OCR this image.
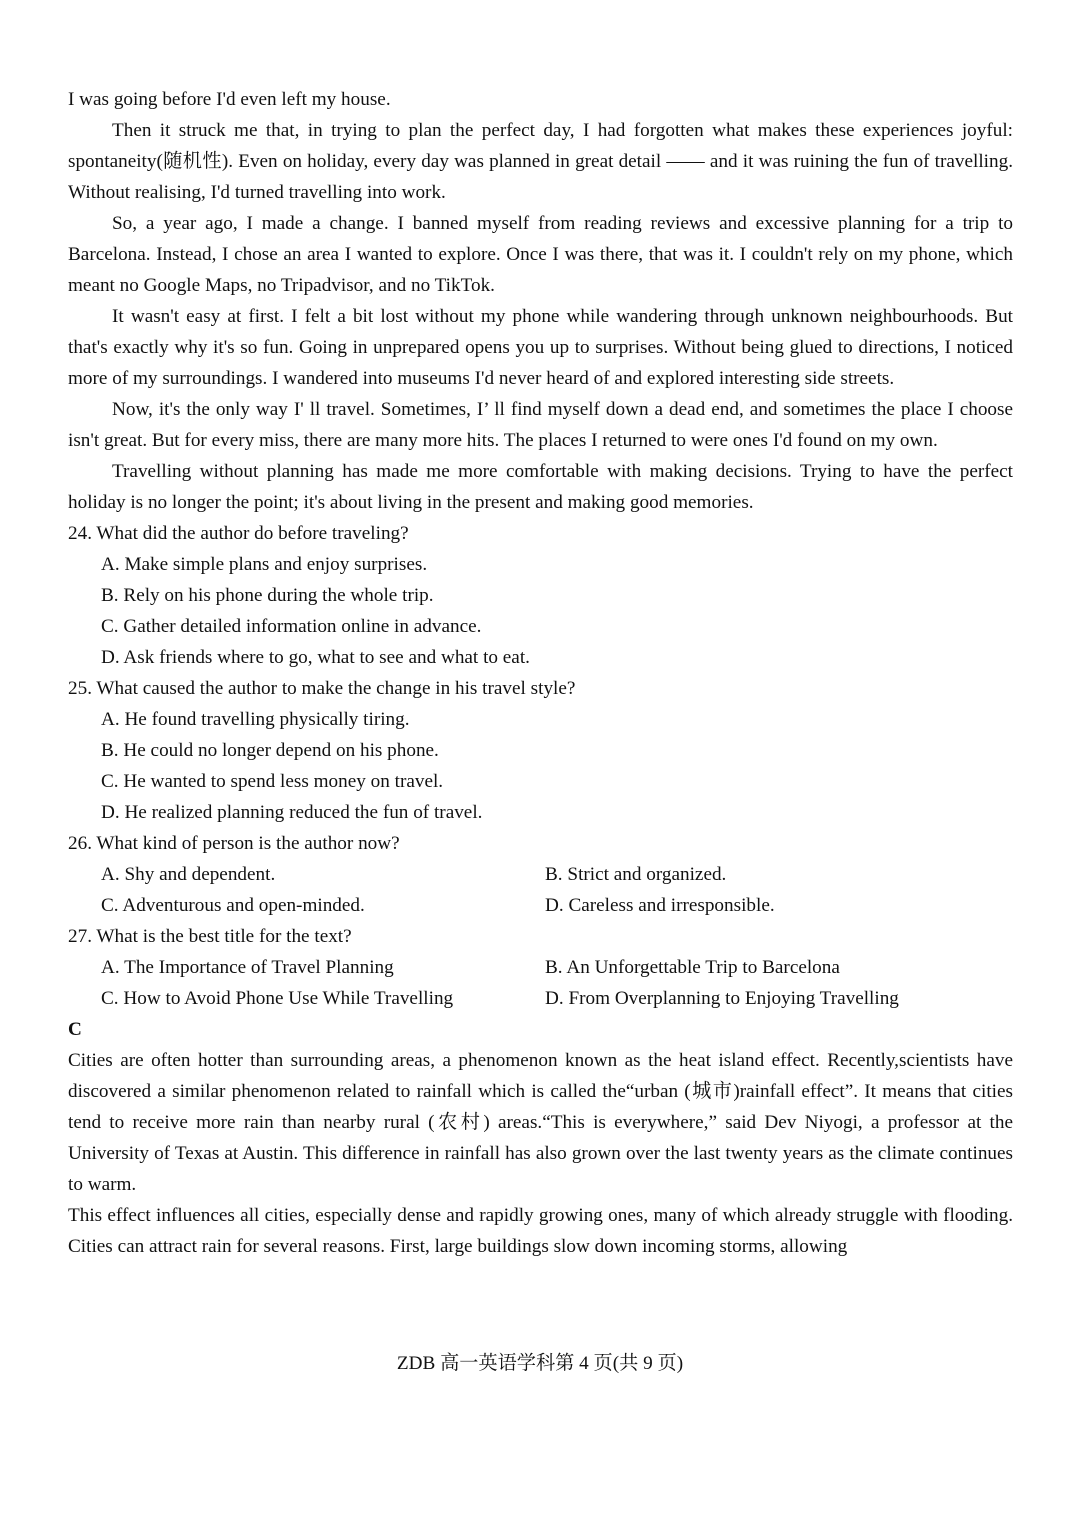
I was going before I'd even left my house.

Then it struck me that, in trying to plan the perfect day, I had forgotten what makes these experiences joyful: spontaneity(随机性). Even on holiday, every day was planned in great detail —— and it was ruining the fun of travelling. Without realising, I'd turned travelling into work.

So, a year ago, I made a change. I banned myself from reading reviews and excessive planning for a trip to Barcelona. Instead, I chose an area I wanted to explore. Once I was there, that was it. I couldn't rely on my phone, which meant no Google Maps, no Tripadvisor, and no TikTok.

It wasn't easy at first. I felt a bit lost without my phone while wandering through unknown neighbourhoods. But that's exactly why it's so fun. Going in unprepared opens you up to surprises. Without being glued to directions, I noticed more of my surroundings. I wandered into museums I'd never heard of and explored interesting side streets.

Now, it's the only way I' ll travel. Sometimes, I’ ll find myself down a dead end, and sometimes the place I choose isn't great. But for every miss, there are many more hits. The places I returned to were ones I'd found on my own.

Travelling without planning has made me more comfortable with making decisions. Trying to have the perfect holiday is no longer the point; it's about living in the present and making good memories.

24. What did the author do before traveling?

A. Make simple plans and enjoy surprises.

B. Rely on his phone during the whole trip.

C. Gather detailed information online in advance.

D. Ask friends where to go, what to see and what to eat.

25. What caused the author to make the change in his travel style?

A. He found travelling physically tiring.

B. He could no longer depend on his phone.

C. He wanted to spend less money on travel.

D. He realized planning reduced the fun of travel.

26. What kind of person is the author now?

A. Shy and dependent.	B. Strict and organized.
C. Adventurous and open-minded.	D. Careless and irresponsible.

27. What is the best title for the text?

A. The Importance of Travel Planning	B. An Unforgettable Trip to Barcelona
C. How to Avoid Phone Use While Travelling	D. From Overplanning to Enjoying Travelling

C

Cities are often hotter than surrounding areas, a phenomenon known as the heat island effect. Recently,scientists have discovered a similar phenomenon related to rainfall which is called the“urban (城市)rainfall effect”. It means that cities tend to receive more rain than nearby rural (农村) areas.“This is everywhere,” said Dev Niyogi, a professor at the University of Texas at Austin. This difference in rainfall has also grown over the last twenty years as the climate continues to warm.

This effect influences all cities, especially dense and rapidly growing ones, many of which already struggle with flooding. Cities can attract rain for several reasons. First, large buildings slow down incoming storms, allowing

ZDB 高一英语学科第 4 页(共 9 页)
